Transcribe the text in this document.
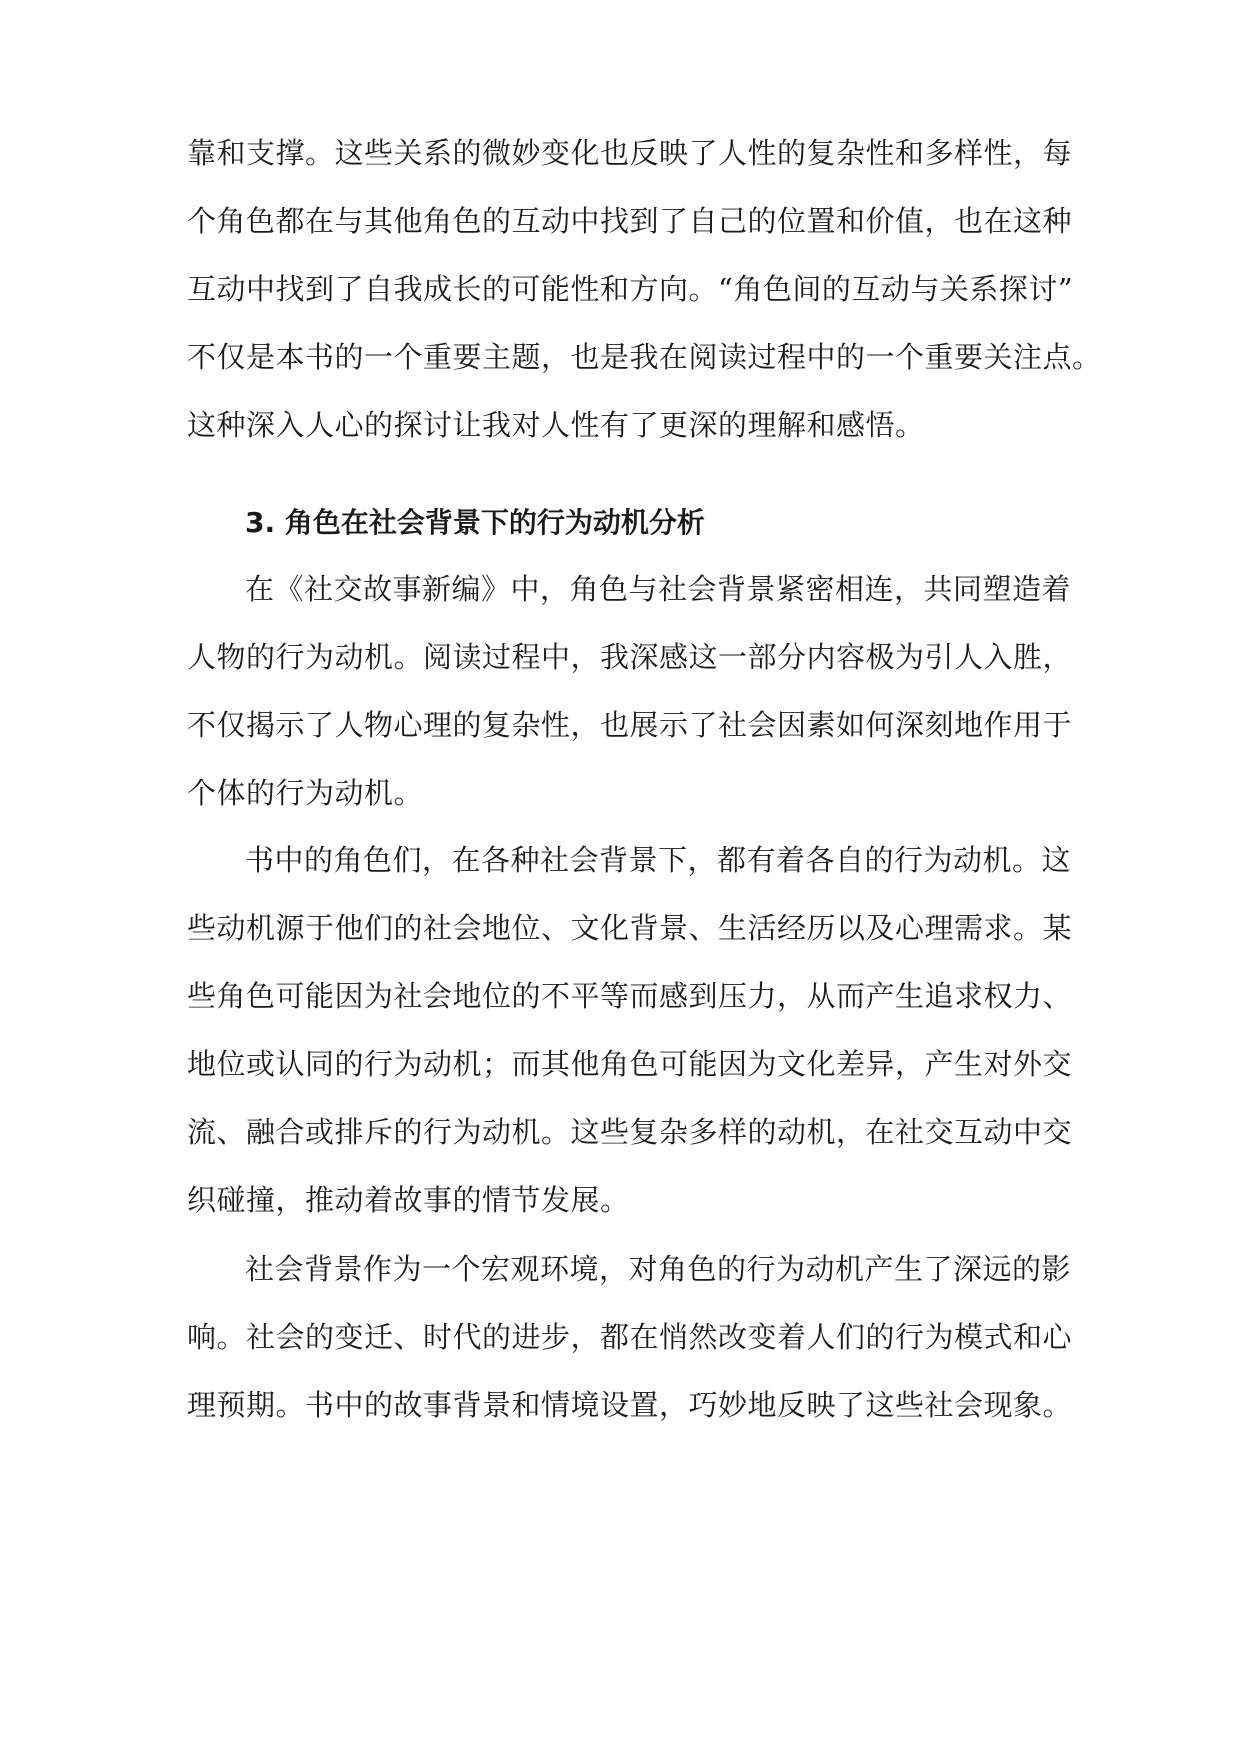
靠和支撑。这些关系的微妙变化也反映了人性的复杂性和多样性，每
个角色都在与其他角色的互动中找到了自己的位置和价值，也在这种
互动中找到了自我成长的可能性和方向。“角色间的互动与关系探讨”
不仅是本书的一个重要主题，也是我在阅读过程中的一个重要关注点。
这种深入人心的探讨让我对人性有了更深的理解和感悟。
3. 角色在社会背景下的行为动机分析
在《社交故事新编》中，角色与社会背景紧密相连，共同塑造着
人物的行为动机。阅读过程中，我深感这一部分内容极为引人入胜，
不仅揭示了人物心理的复杂性，也展示了社会因素如何深刻地作用于
个体的行为动机。
书中的角色们，在各种社会背景下，都有着各自的行为动机。这
些动机源于他们的社会地位、文化背景、生活经历以及心理需求。某
些角色可能因为社会地位的不平等而感到压力，从而产生追求权力、
地位或认同的行为动机；而其他角色可能因为文化差异，产生对外交
流、融合或排斥的行为动机。这些复杂多样的动机，在社交互动中交
织碰撞，推动着故事的情节发展。
社会背景作为一个宏观环境，对角色的行为动机产生了深远的影
响。社会的变迁、时代的进步，都在悄然改变着人们的行为模式和心
理预期。书中的故事背景和情境设置，巧妙地反映了这些社会现象。
